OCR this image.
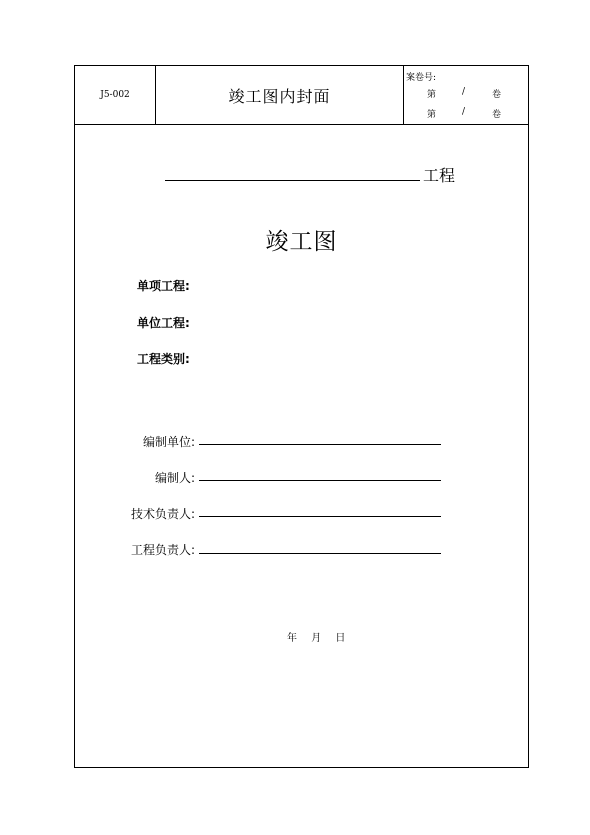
J5-002	竣工图内封面
案卷号:
第	/	卷
第	/	卷
工程
竣工图
单项工程:
单位工程:
工程类别:
编制单位:
编制人:
技术负责人:
工程负责人:
年 月 日
